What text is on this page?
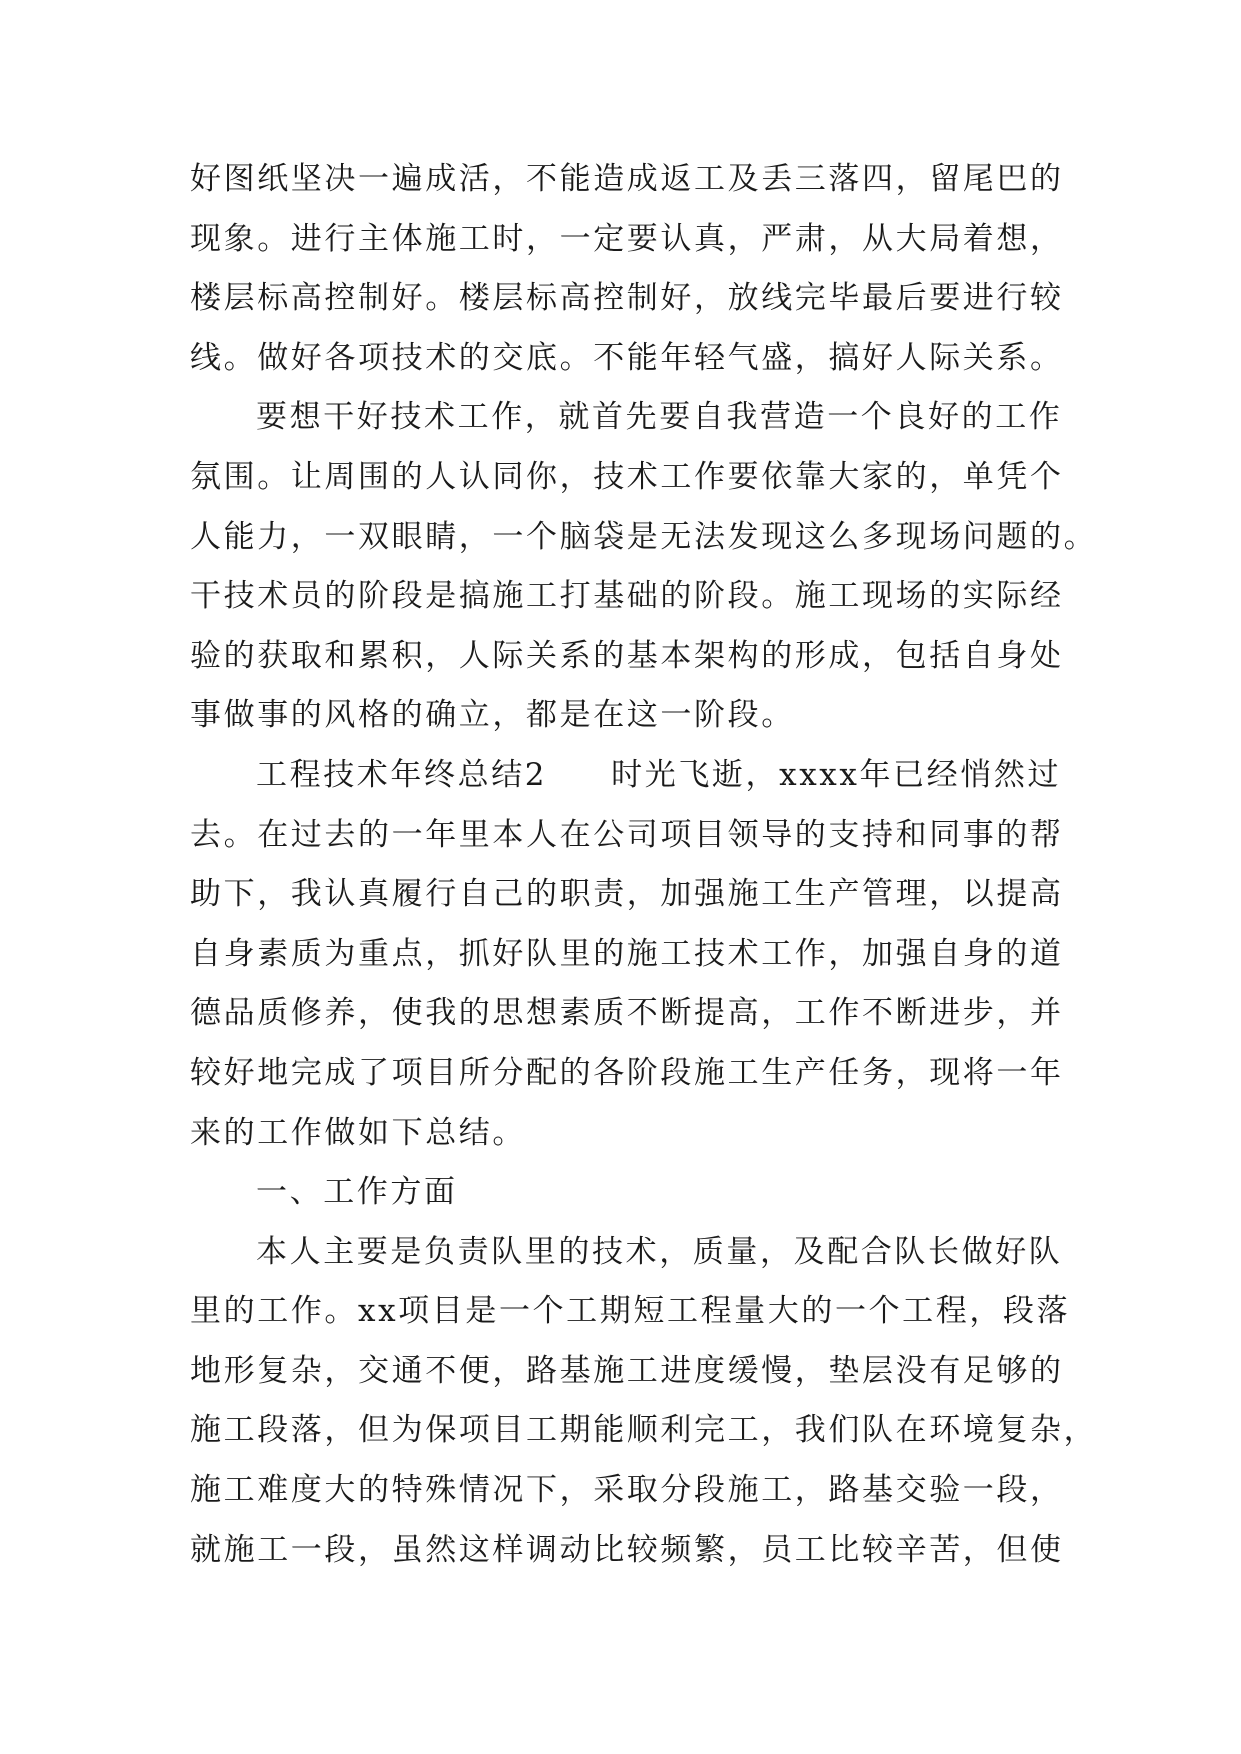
好图纸坚决一遍成活，不能造成返工及丢三落四，留尾巴的
现象。进行主体施工时，一定要认真，严肃，从大局着想，
楼层标高控制好。楼层标高控制好，放线完毕最后要进行较
线。做好各项技术的交底。不能年轻气盛，搞好人际关系。
要想干好技术工作，就首先要自我营造一个良好的工作
氛围。让周围的人认同你，技术工作要依靠大家的，单凭个
人能力，一双眼睛，一个脑袋是无法发现这么多现场问题的。
干技术员的阶段是搞施工打基础的阶段。施工现场的实际经
验的获取和累积，人际关系的基本架构的形成，包括自身处
事做事的风格的确立，都是在这一阶段。
工程技术年终总结2 时光飞逝，xxxx年已经悄然过
去。在过去的一年里本人在公司项目领导的支持和同事的帮
助下，我认真履行自己的职责，加强施工生产管理，以提高
自身素质为重点，抓好队里的施工技术工作，加强自身的道
德品质修养，使我的思想素质不断提高，工作不断进步，并
较好地完成了项目所分配的各阶段施工生产任务，现将一年
来的工作做如下总结。
一、工作方面
本人主要是负责队里的技术，质量，及配合队长做好队
里的工作。xx项目是一个工期短工程量大的一个工程，段落
地形复杂，交通不便，路基施工进度缓慢，垫层没有足够的
施工段落，但为保项目工期能顺利完工，我们队在环境复杂，
施工难度大的特殊情况下，采取分段施工，路基交验一段，
就施工一段，虽然这样调动比较频繁，员工比较辛苦，但使
